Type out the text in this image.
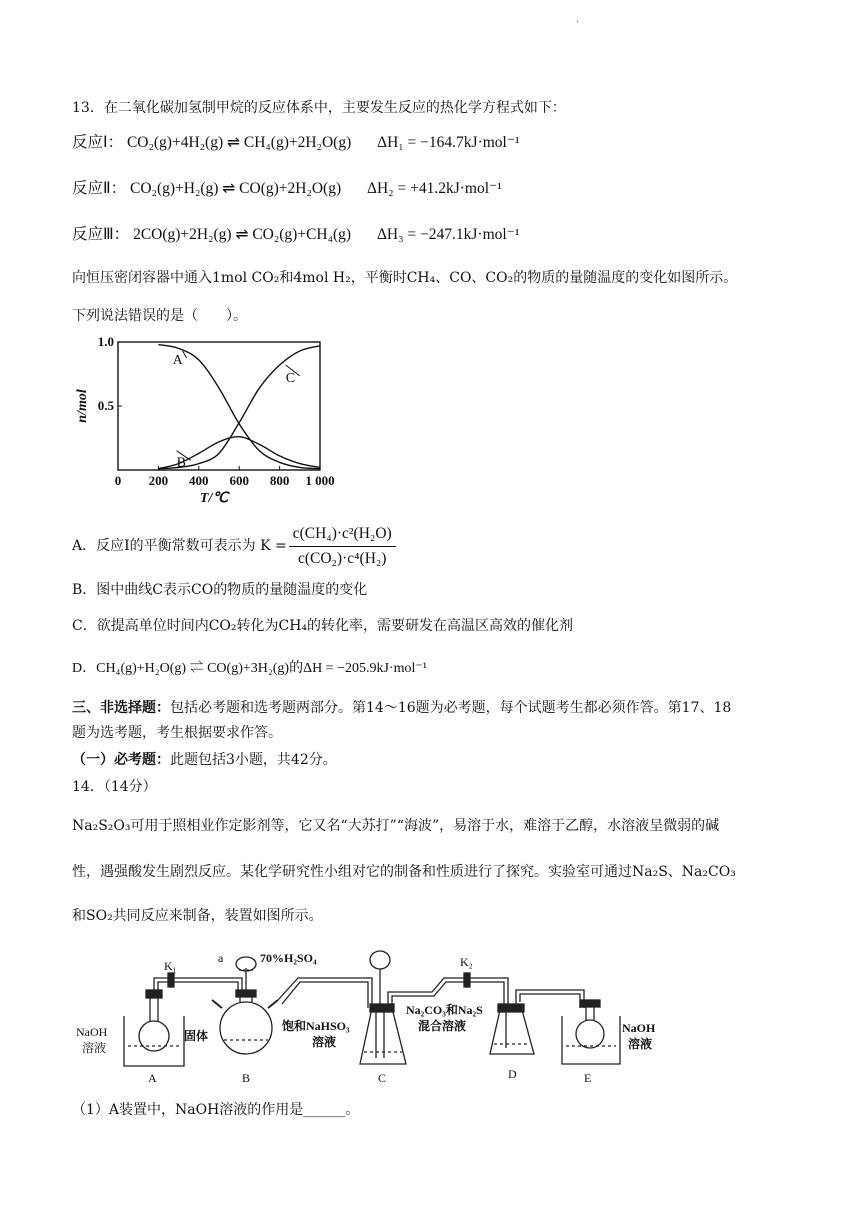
.
13．在二氧化碳加氢制甲烷的反应体系中，主要发生反应的热化学方程式如下：
反应Ⅰ： CO₂(g)+4H₂(g) ⇌ CH₄(g)+2H₂O(g) ΔH₁ = −164.7kJ·mol⁻¹
反应Ⅱ： CO₂(g)+H₂(g) ⇌ CO(g)+2H₂O(g) ΔH₂ = +41.2kJ·mol⁻¹
反应Ⅲ： 2CO(g)+2H₂(g) ⇌ CO₂(g)+CH₄(g) ΔH₃ = −247.1kJ·mol⁻¹
向恒压密闭容器中通入1mol CO₂和4mol H₂，平衡时CH₄、CO、CO₂的物质的量随温度的变化如图所示。
下列说法错误的是（　　）。
0 200 400 600 800 1 000
1.0
0.5
n/mol
T/℃
A
B
C
A．反应Ⅰ的平衡常数可表示为 $K = \frac{\text{c(CH₄)·c²(H₂O)}}{\text{c(CO₂)·c⁴(H₂)}}$
B．图中曲线C表示CO的物质的量随温度的变化
C．欲提高单位时间内CO₂转化为CH₄的转化率，需要研发在高温区高效的催化剂
D．CH₄(g)+H₂O(g) ⇌ CO(g)+3H₂(g)的ΔH = −205.9kJ·mol⁻¹
三、非选择题：包括必考题和选考题两部分。第14～16题为必考题，每个试题考生都必须作答。第17、18
题为选考题，考生根据要求作答。
（一）必考题：此题包括3小题，共42分。
14．（14分）
Na₂S₂O₃可用于照相业作定影剂等，它又名“大苏打”“海波”，易溶于水，难溶于乙醇，水溶液呈微弱的碱
性，遇强酸发生剧烈反应。某化学研究性小组对它的制备和性质进行了探究。实验室可通过Na₂S、Na₂CO₃
和SO₂共同反应来制备，装置如图所示。
K₁
a	70%H₂SO₄
NaOH
溶液
固体
饱和NaHSO₃
溶液
K₂
Na₂CO₃和Na₂S
混合溶液	NaOH
溶液
A	B	C	D	E
（1）A装置中，NaOH溶液的作用是______。
